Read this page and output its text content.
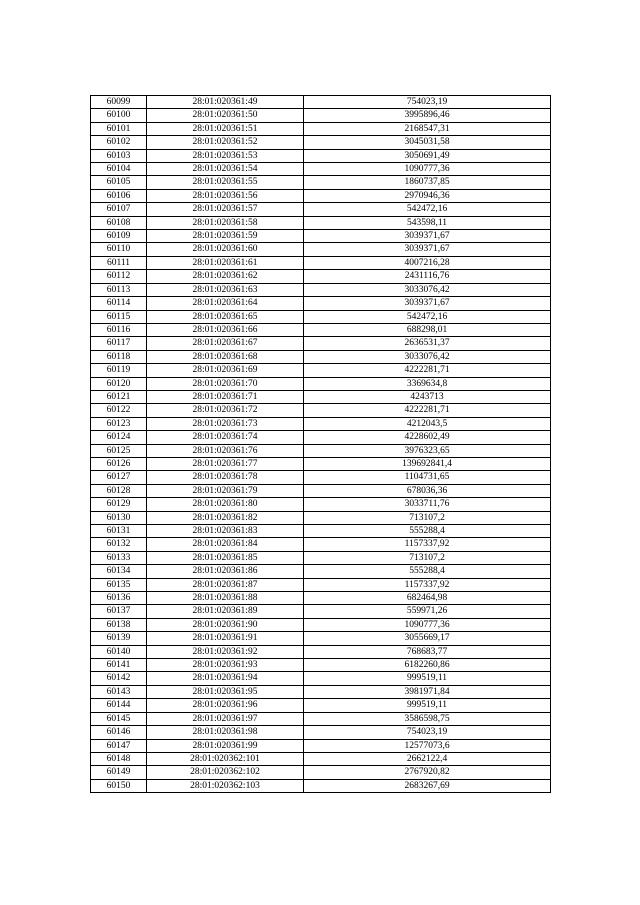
60099	28:01:020361:49	754023,19
60100	28:01:020361:50	3995896,46
60101	28:01:020361:51	2168547,31
60102	28:01:020361:52	3045031,58
60103	28:01:020361:53	3050691,49
60104	28:01:020361:54	1090777,36
60105	28:01:020361:55	1860737,85
60106	28:01:020361:56	2970946,36
60107	28:01:020361:57	542472,16
60108	28:01:020361:58	543598,11
60109	28:01:020361:59	3039371,67
60110	28:01:020361:60	3039371,67
60111	28:01:020361:61	4007216,28
60112	28:01:020361:62	2431116,76
60113	28:01:020361:63	3033076,42
60114	28:01:020361:64	3039371,67
60115	28:01:020361:65	542472,16
60116	28:01:020361:66	688298,01
60117	28:01:020361:67	2636531,37
60118	28:01:020361:68	3033076,42
60119	28:01:020361:69	4222281,71
60120	28:01:020361:70	3369634,8
60121	28:01:020361:71	4243713
60122	28:01:020361:72	4222281,71
60123	28:01:020361:73	4212043,5
60124	28:01:020361:74	4228602,49
60125	28:01:020361:76	3976323,65
60126	28:01:020361:77	139692841,4
60127	28:01:020361:78	1104731,65
60128	28:01:020361:79	678036,36
60129	28:01:020361:80	3033711,76
60130	28:01:020361:82	713107,2
60131	28:01:020361:83	555288,4
60132	28:01:020361:84	1157337,92
60133	28:01:020361:85	713107,2
60134	28:01:020361:86	555288,4
60135	28:01:020361:87	1157337,92
60136	28:01:020361:88	682464,98
60137	28:01:020361:89	559971,26
60138	28:01:020361:90	1090777,36
60139	28:01:020361:91	3055669,17
60140	28:01:020361:92	768683,77
60141	28:01:020361:93	6182260,86
60142	28:01:020361:94	999519,11
60143	28:01:020361:95	3981971,84
60144	28:01:020361:96	999519,11
60145	28:01:020361:97	3586598,75
60146	28:01:020361:98	754023,19
60147	28:01:020361:99	12577073,6
60148	28:01:020362:101	2662122,4
60149	28:01:020362:102	2767920,82
60150	28:01:020362:103	2683267,69
